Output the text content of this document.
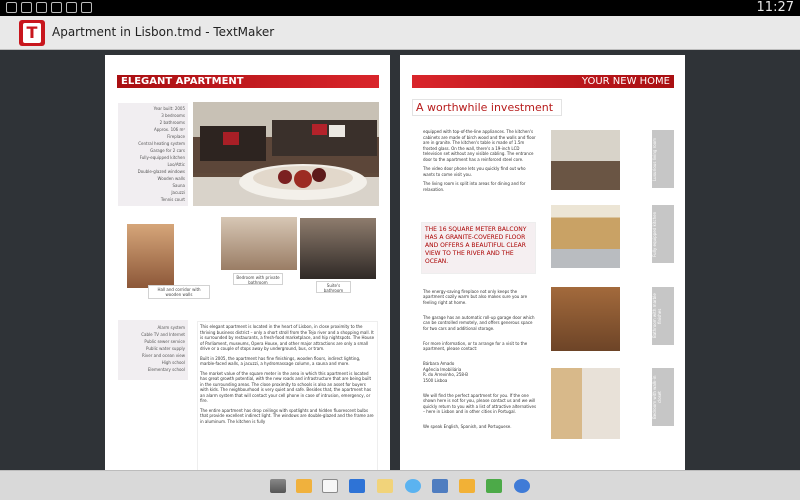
11:27
T Apartment in Lisbon.tmd - TextMaker
ELEGANT APARTMENT

Year built: 2005

3 bedrooms

2 bathrooms

Approx. 106 m²

Fireplace

Central heating system

Garage for 2 cars

Fully-equipped kitchen

Loo/Attic

Double-glazed windows

Wooden walls

Sauna

Jacuzzi

Tennis court

Hall and corridor with wooden walls
Bedroom with private bathroom
Suite's bathroom

Alarm system

Cable TV and Internet

Public sewer service

Public water supply

River and ocean view

High school

Elementary school

This elegant apartment is located in the heart of Lisbon, in close proximity to the thriving business district – only a short stroll from the Tejo river and a shopping mall. It is surrounded by restaurants, a fresh-food marketplace, and hip nightspots. The House of Parliament, museums, Opera House, and other major attractions are only a small drive or a couple of stops away by underground, bus, or tram.

Built in 2005, the apartment has fine finishings, wooden floors, indirect lighting, marble-faced walls, a jacuzzi, a hydromassage column, a sauna and more.

The market value of the square meter in the area in which this apartment is located has great growth potential, with the new roads and infrastructure that are being built in the surrounding areas. The close proximity to schools is also an asset for buyers with kids. The neighbourhood is very quiet and safe. Besides that, the apartment has an alarm system that will contact your cell phone in case of intrusion, emergency, or fire.

The entire apartment has drop ceilings with spotlights and hidden fluorescent bulbs that provide excellent indirect light. The windows are double-glazed and the frame are in aluminum. The kitchen is fully

YOUR NEW HOME
A worthwhile investment

equipped with top-of-the-line appliances. The kitchen's cabinets are made of birch wood and the walls and floor are in granite. The kitchen's table is made of 1.5m frosted glass. On the wall, there's a 19-inch LCD television set without any visible cabling. The entrance door to the apartment has a reinforced steel core.

The video door phone lets you quickly find out who wants to come visit you.

The living room is split into areas for dining and for relaxation.

THE 16 SQUARE METER BALCONY HAS A GRANITE-COVERED FLOOR AND OFFERS A BEAUTIFUL CLEAR VIEW TO THE RIVER AND THE OCEAN.

The energy-saving fireplace not only keeps the apartment cozily warm but also makes sure you are feeling right at home.

The garage has an automatic roll-up garage door which can be controlled remotely, and offers generous space for two cars and additional storage.

For more information, or to arrange for a visit to the apartment, please contact:

Bárbara Amado
Agência Imobiliária
R. do Arrevinho, 258-B
1500 Lisboa

We will find the perfect apartment for you. If the one shown here is not for you, please contact us and we will quickly return to you with a list of attractive alternatives – here in Lisbon and in other cities in Portugal.

We speak English, Spanish, and Portuguese.

Luxurious living room
Fully equipped kitchen
Bathroom with marble finishes
Bedroom with walk-in closet
